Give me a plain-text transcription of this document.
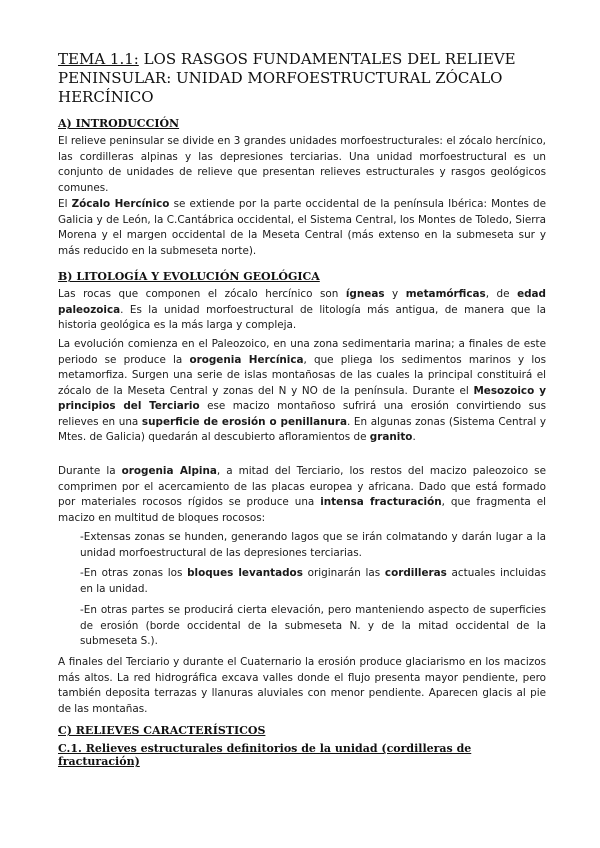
TEMA 1.1: LOS RASGOS FUNDAMENTALES DEL RELIEVE PENINSULAR: UNIDAD MORFOESTRUCTURAL ZÓCALO HERCÍNICO
A) INTRODUCCIÓN

El relieve peninsular se divide en 3 grandes unidades morfoestructurales: el zócalo hercínico, las cordilleras alpinas y las depresiones terciarias. Una unidad morfoestructural es un conjunto de unidades de relieve que presentan relieves estructurales y rasgos geológicos comunes.

El Zócalo Hercínico se extiende por la parte occidental de la península Ibérica: Montes de Galicia y de León, la C.Cantábrica occidental, el Sistema Central, los Montes de Toledo, Sierra Morena y el margen occidental de la Meseta Central (más extenso en la submeseta sur y más reducido en la submeseta norte).

B) LITOLOGÍA Y EVOLUCIÓN GEOLÓGICA

Las rocas que componen el zócalo hercínico son ígneas y metamórficas, de edad paleozoica. Es la unidad morfoestructural de litología más antigua, de manera que la historia geológica es la más larga y compleja.

La evolución comienza en el Paleozoico, en una zona sedimentaria marina; a finales de este periodo se produce la orogenia Hercínica, que pliega los sedimentos marinos y los metamorfiza. Surgen una serie de islas montañosas de las cuales la principal constituirá el zócalo de la Meseta Central y zonas del N y NO de la península. Durante el Mesozoico y principios del Terciario ese macizo montañoso sufrirá una erosión convirtiendo sus relieves en una superficie de erosión o penillanura. En algunas zonas (Sistema Central y Mtes. de Galicia) quedarán al descubierto afloramientos de granito.

Durante la orogenia Alpina, a mitad del Terciario, los restos del macizo paleozoico se comprimen por el acercamiento de las placas europea y africana. Dado que está formado por materiales rocosos rígidos se produce una intensa fracturación, que fragmenta el macizo en multitud de bloques rocosos:

-Extensas zonas se hunden, generando lagos que se irán colmatando y darán lugar a la unidad morfoestructural de las depresiones terciarias.

-En otras zonas los bloques levantados originarán las cordilleras actuales incluidas en la unidad.

-En otras partes se producirá cierta elevación, pero manteniendo aspecto de superficies de erosión (borde occidental de la submeseta N. y de la mitad occidental de la submeseta S.).

A finales del Terciario y durante el Cuaternario la erosión produce glaciarismo en los macizos más altos. La red hidrográfica excava valles donde el flujo presenta mayor pendiente, pero también deposita terrazas y llanuras aluviales con menor pendiente. Aparecen glacis al pie de las montañas.

C) RELIEVES CARACTERÍSTICOS
C.1. Relieves estructurales definitorios de la unidad (cordilleras de fracturación)
